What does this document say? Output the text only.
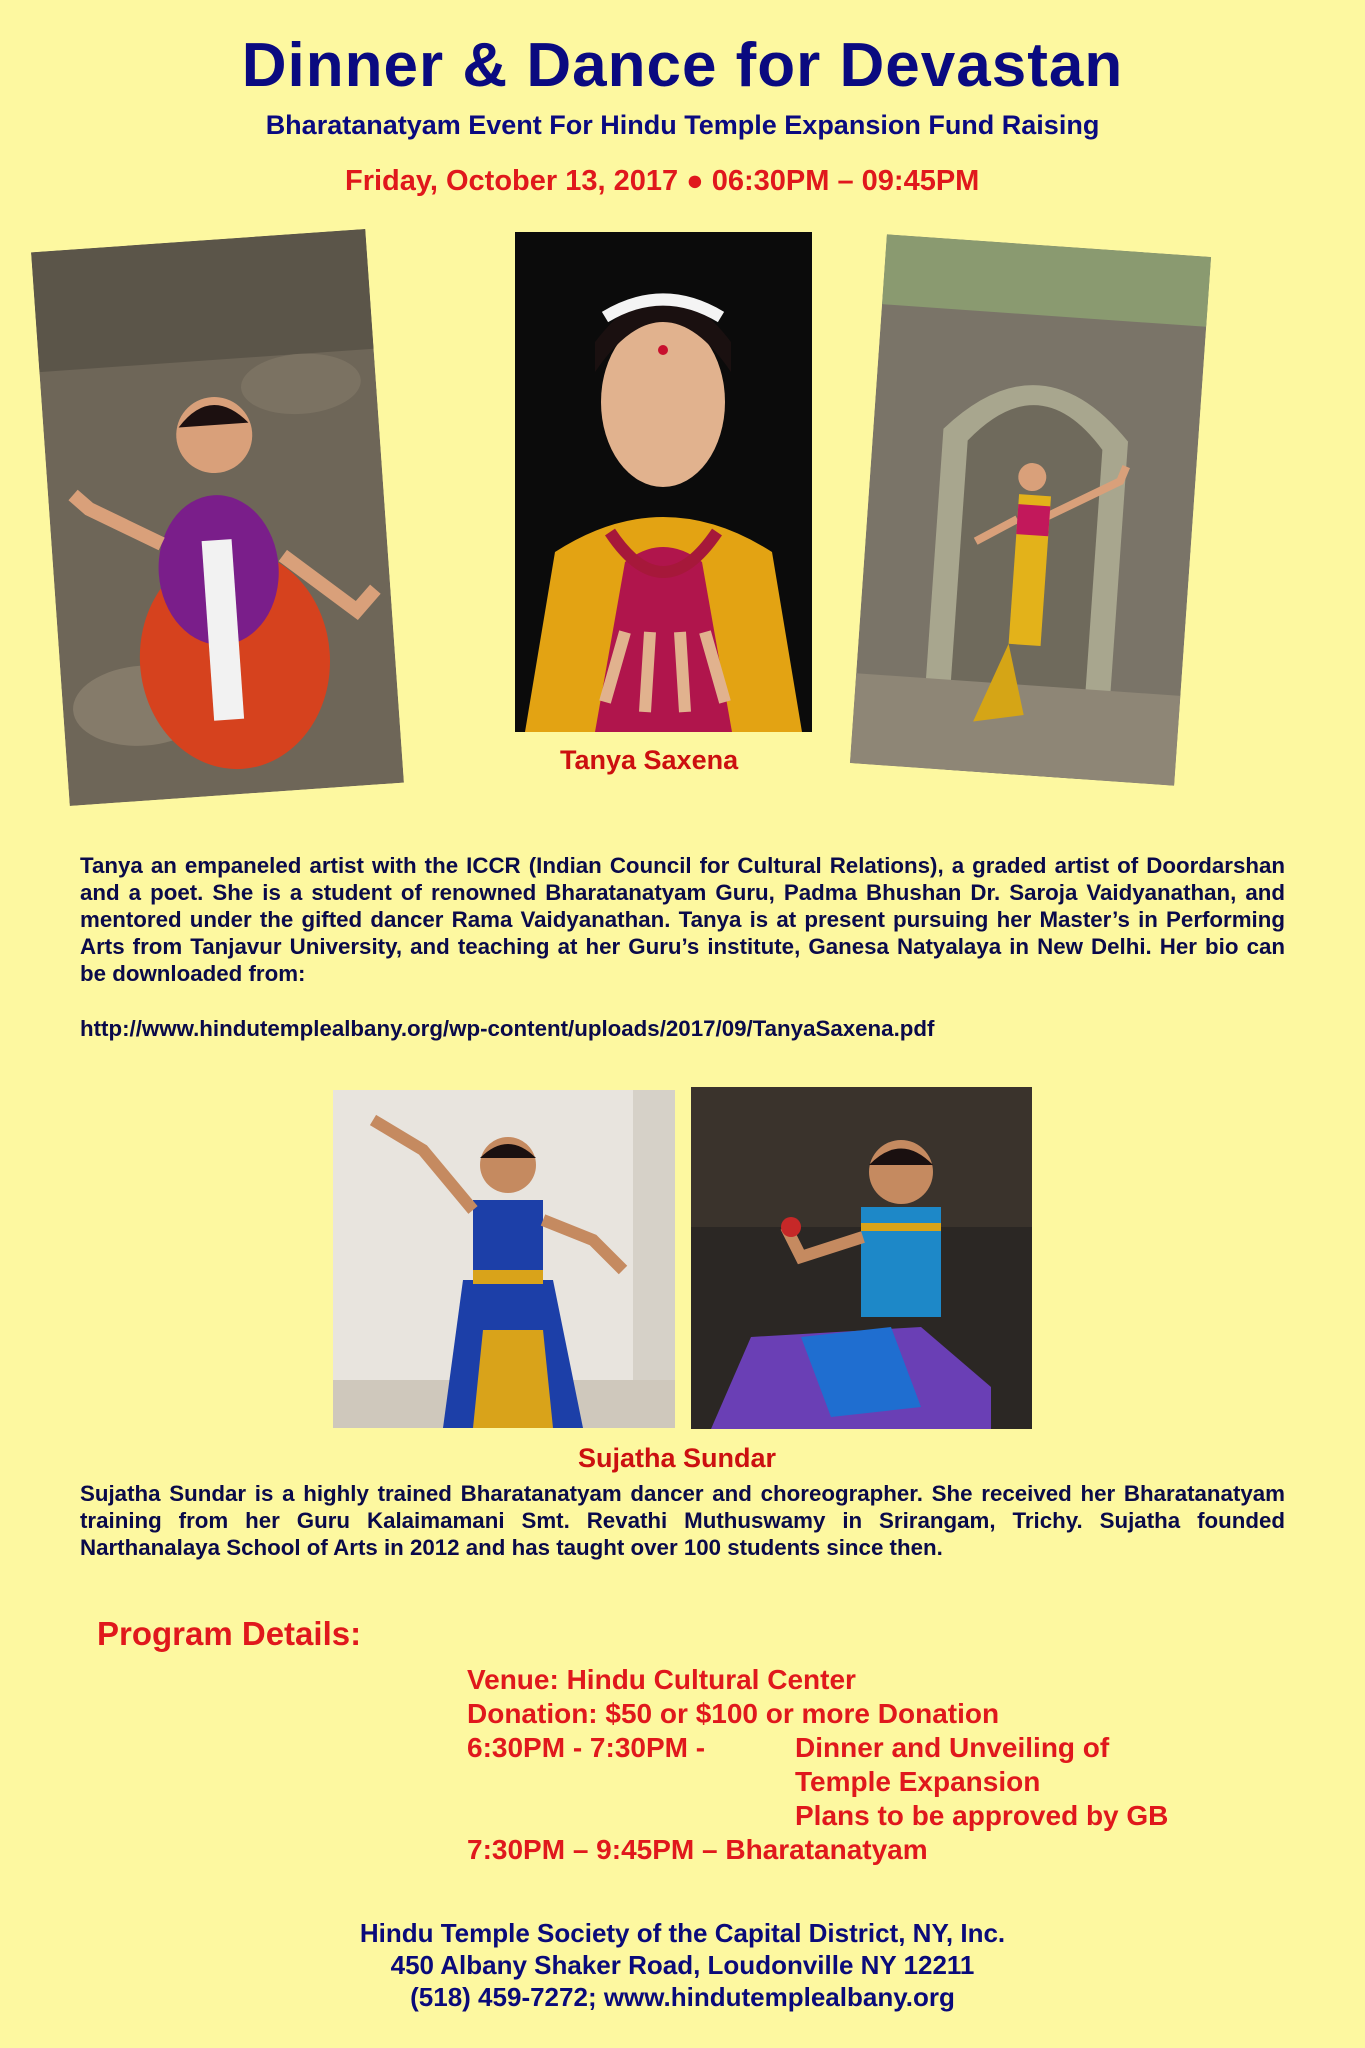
Dinner & Dance for Devastan
Bharatanatyam Event For Hindu Temple Expansion Fund Raising
Friday, October 13, 2017 ● 06:30PM – 09:45PM
Tanya Saxena
Tanya an empaneled artist with the ICCR (Indian Council for Cultural Relations), a graded artist of Doordarshan and a poet. She is a student of renowned Bharatanatyam Guru, Padma Bhushan Dr. Saroja Vaidyanathan, and mentored under the gifted dancer Rama Vaidyanathan. Tanya is at present pursuing her Master’s in Performing Arts from Tanjavur University, and teaching at her Guru’s institute, Ganesa Natyalaya in New Delhi. Her bio can be downloaded from:
http://www.hindutemplealbany.org/wp-content/uploads/2017/09/TanyaSaxena.pdf
Sujatha Sundar
Sujatha Sundar is a highly trained Bharatanatyam dancer and choreographer. She received her Bharatanatyam training from her Guru Kalaimamani Smt. Revathi Muthuswamy in Srirangam, Trichy. Sujatha founded Narthanalaya School of Arts in 2012 and has taught over 100 students since then.
Program Details:
Venue: Hindu Cultural Center
Donation: $50 or $100 or more Donation
6:30PM - 7:30PM -	Dinner and Unveiling of
Temple Expansion
Plans to be approved by GB
7:30PM – 9:45PM – Bharatanatyam
Hindu Temple Society of the Capital District, NY, Inc.
450 Albany Shaker Road, Loudonville NY 12211
(518) 459-7272; www.hindutemplealbany.org
